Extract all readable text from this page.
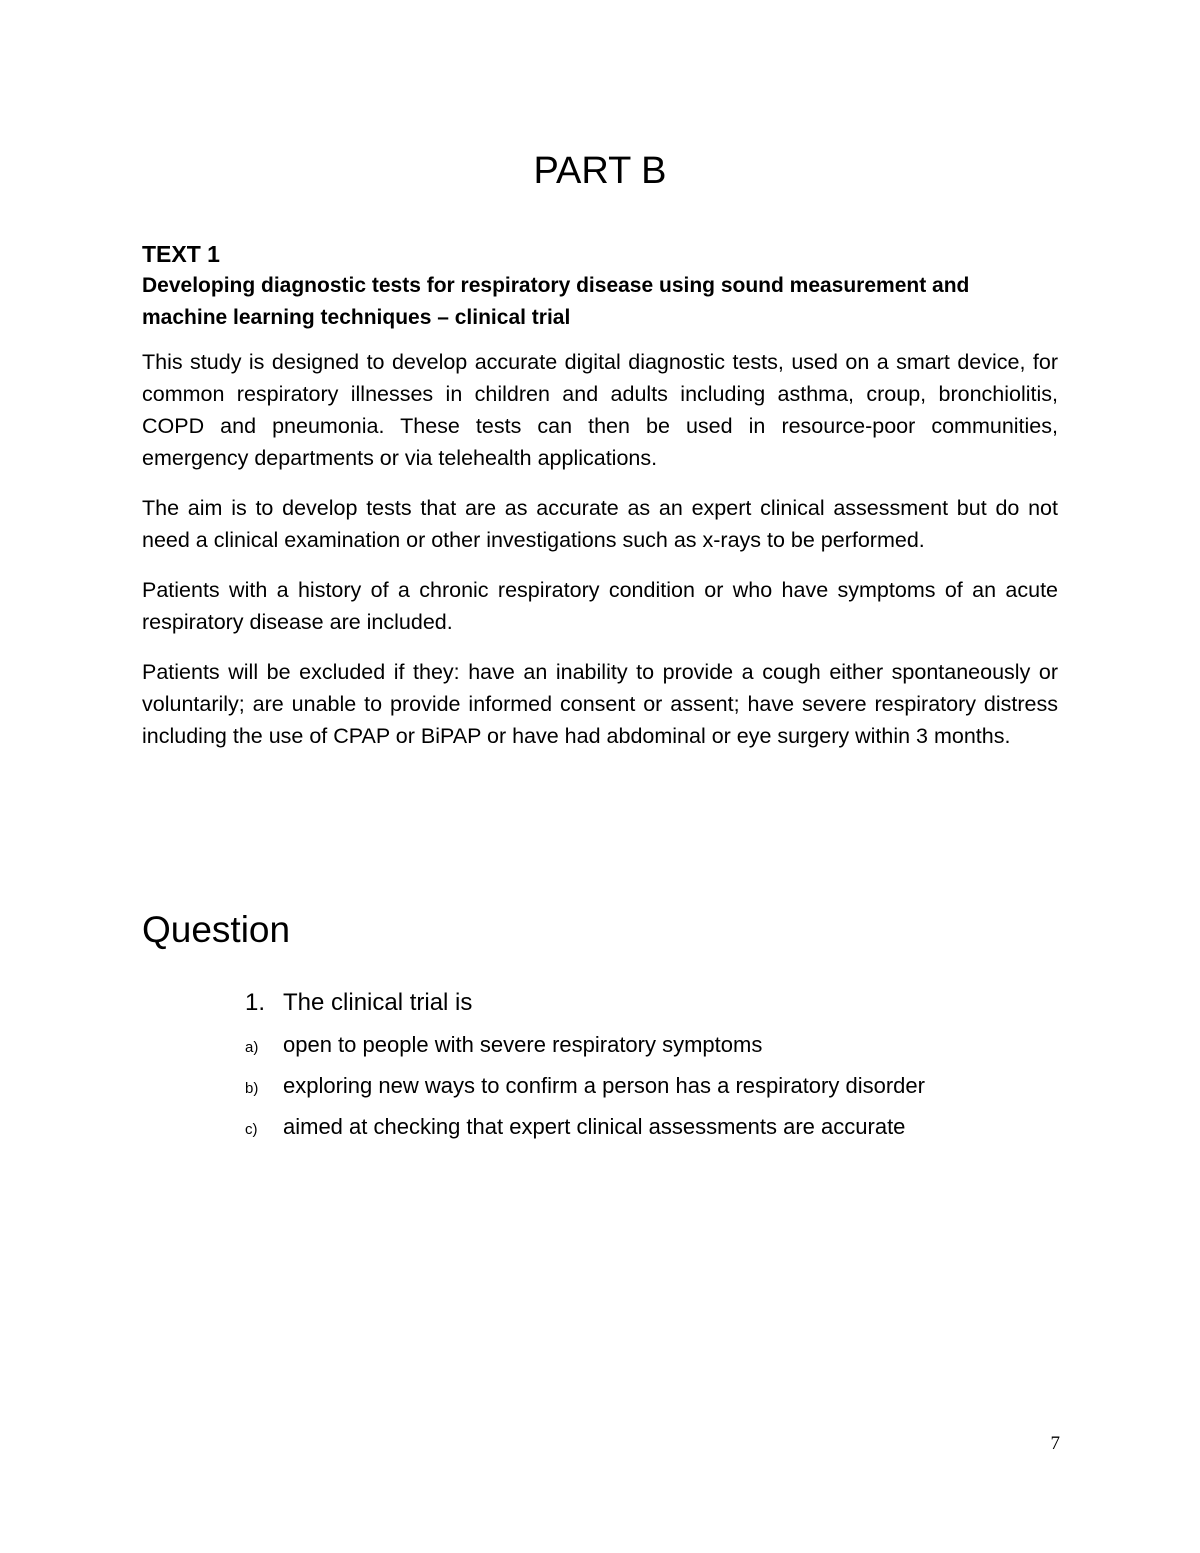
PART B

TEXT 1

Developing diagnostic tests for respiratory disease using sound measurement and machine learning techniques – clinical trial

This study is designed to develop accurate digital diagnostic tests, used on a smart device, for common respiratory illnesses in children and adults including asthma, croup, bronchiolitis, COPD and pneumonia. These tests can then be used in resource-poor communities, emergency departments or via telehealth applications.

The aim is to develop tests that are as accurate as an expert clinical assessment but do not need a clinical examination or other investigations such as x-rays to be performed.

Patients with a history of a chronic respiratory condition or who have symptoms of an acute respiratory disease are included.

Patients will be excluded if they: have an inability to provide a cough either spontaneously or voluntarily; are unable to provide informed consent or assent; have severe respiratory distress including the use of CPAP or BiPAP or have had abdominal or eye surgery within 3 months.

Question
1. The clinical trial is
a)	open to people with severe respiratory symptoms
b)	exploring new ways to confirm a person has a respiratory disorder
c)	aimed at checking that expert clinical assessments are accurate
7
